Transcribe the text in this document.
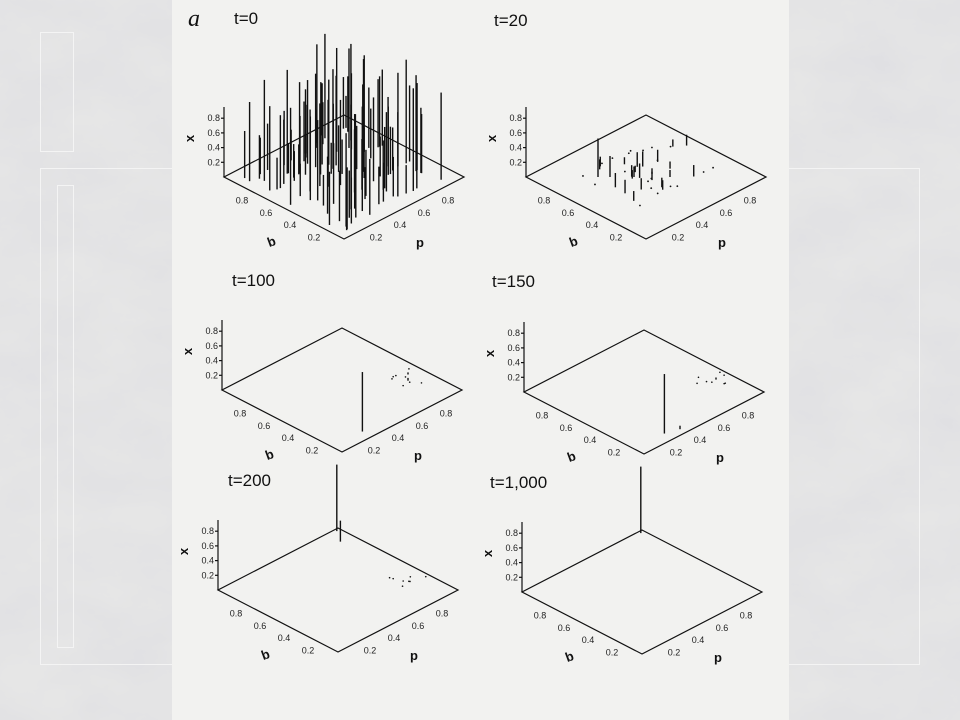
a t=0
0.2
0.4
0.6
0.8
x
0.8
0.6
0.4
0.2
q	0.2
0.4
0.6
0.8
p
t=20
0.2
0.4
0.6
0.8
x
0.8
0.6
0.4
0.2
q	0.2
0.4
0.6
0.8
p
t=100
0.2
0.4
0.6
0.8
x
0.8
0.6
0.4
0.2
q	0.2
0.4
0.6
0.8
p
t=150
0.2
0.4
0.6
0.8
x
0.8
0.6
0.4
0.2
q	0.2
0.4
0.6
0.8
p
t=200
0.2
0.4
0.6
0.8
x
0.8
0.6
0.4
0.2
q	0.2
0.4
0.6
0.8
p
t=1,000
0.2
0.4
0.6
0.8
x
0.8
0.6
0.4
0.2
q	0.2
0.4
0.6
0.8
p
